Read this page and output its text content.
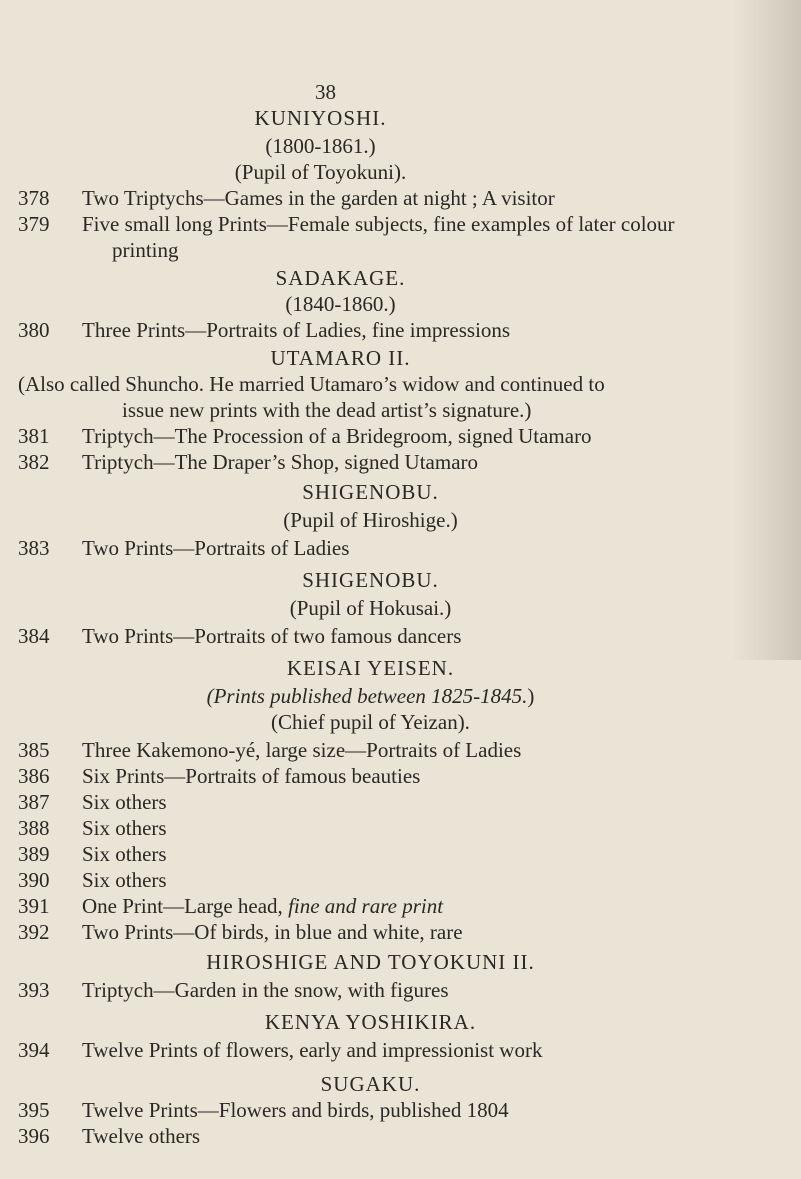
38
KUNIYOSHI.
(1800-1861.)
(Pupil of Toyokuni).
378 Two Triptychs—Games in the garden at night ; A visitor
379 Five small long Prints—Female subjects, fine examples of later colour
printing
SADAKAGE.
(1840-1860.)
380 Three Prints—Portraits of Ladies, fine impressions
UTAMARO II.
(Also called Shuncho. He married Utamaro’s widow and continued to
issue new prints with the dead artist’s signature.)
381 Triptych—The Procession of a Bridegroom, signed Utamaro
382 Triptych—The Draper’s Shop, signed Utamaro
SHIGENOBU.
(Pupil of Hiroshige.)
383 Two Prints—Portraits of Ladies
SHIGENOBU.
(Pupil of Hokusai.)
384 Two Prints—Portraits of two famous dancers
KEISAI YEISEN.
(Prints published between 1825-1845.)
(Chief pupil of Yeizan).
385 Three Kakemono-yé, large size—Portraits of Ladies
386 Six Prints—Portraits of famous beauties
387 Six others
388 Six others
389 Six others
390 Six others
391 One Print—Large head, fine and rare print
392 Two Prints—Of birds, in blue and white, rare
HIROSHIGE AND TOYOKUNI II.
393 Triptych—Garden in the snow, with figures
KENYA YOSHIKIRA.
394 Twelve Prints of flowers, early and impressionist work
SUGAKU.
395 Twelve Prints—Flowers and birds, published 1804
396 Twelve others
